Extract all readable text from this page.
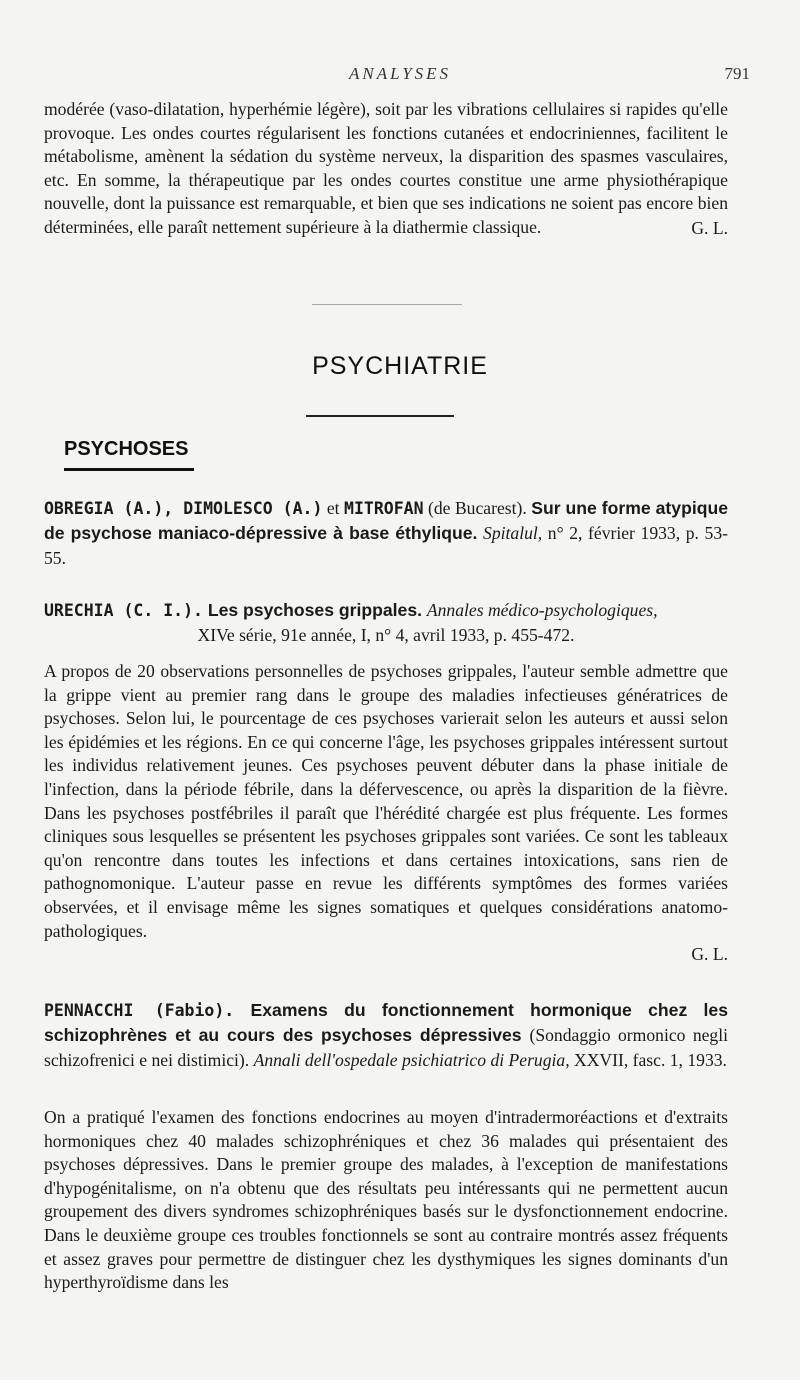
ANALYSES	791

modérée (vaso-dilatation, hyperhémie légère), soit par les vibrations cellulaires si rapides qu'elle provoque. Les ondes courtes régularisent les fonctions cutanées et endocriniennes, facilitent le métabolisme, amènent la sédation du système nerveux, la disparition des spasmes vasculaires, etc. En somme, la thérapeutique par les ondes courtes constitue une arme physiothérapique nouvelle, dont la puissance est remarquable, et bien que ses indications ne soient pas encore bien déterminées, elle paraît nettement supérieure à la diathermie classique.	G. L.

PSYCHIATRIE
PSYCHOSES
OBREGIA (A.), DIMOLESCO (A.) et MITROFAN (de Bucarest). Sur une forme atypique de psychose maniaco-dépressive à base éthylique. Spitalul, n° 2, février 1933, p. 53-55.
URECHIA (C. I.). Les psychoses grippales. Annales médico-psychologiques,
XIVe série, 91e année, I, n° 4, avril 1933, p. 455-472.

A propos de 20 observations personnelles de psychoses grippales, l'auteur semble admettre que la grippe vient au premier rang dans le groupe des maladies infectieuses génératrices de psychoses. Selon lui, le pourcentage de ces psychoses varierait selon les auteurs et aussi selon les épidémies et les régions. En ce qui concerne l'âge, les psychoses grippales intéressent surtout les individus relativement jeunes. Ces psychoses peuvent débuter dans la phase initiale de l'infection, dans la période fébrile, dans la défervescence, ou après la disparition de la fièvre. Dans les psychoses postfébriles il paraît que l'hérédité chargée est plus fréquente. Les formes cliniques sous lesquelles se présentent les psychoses grippales sont variées. Ce sont les tableaux qu'on rencontre dans toutes les infections et dans certaines intoxications, sans rien de pathognomonique. L'auteur passe en revue les différents symptômes des formes variées observées, et il envisage même les signes somatiques et quelques considérations anatomo-pathologiques.

G. L.

PENNACCHI (Fabio). Examens du fonctionnement hormonique chez les schizophrènes et au cours des psychoses dépressives (Sondaggio ormonico negli schizofrenici e nei distimici). Annali dell'ospedale psichiatrico di Perugia, XXVII, fasc. 1, 1933.

On a pratiqué l'examen des fonctions endocrines au moyen d'intradermoréactions et d'extraits hormoniques chez 40 malades schizophréniques et chez 36 malades qui présentaient des psychoses dépressives. Dans le premier groupe des malades, à l'exception de manifestations d'hypogénitalisme, on n'a obtenu que des résultats peu intéressants qui ne permettent aucun groupement des divers syndromes schizophréniques basés sur le dysfonctionnement endocrine. Dans le deuxième groupe ces troubles fonctionnels se sont au contraire montrés assez fréquents et assez graves pour permettre de distinguer chez les dysthymiques les signes dominants d'un hyperthyroïdisme dans les
